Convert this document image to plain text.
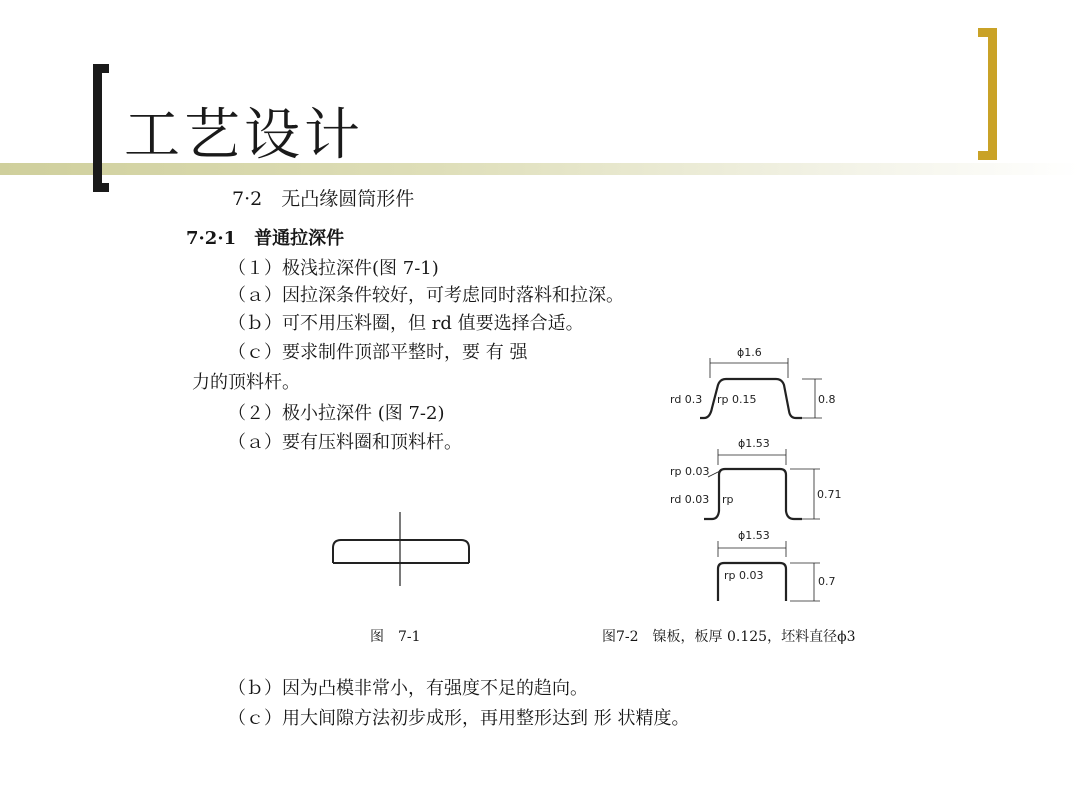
工艺设计
7·2　无凸缘圆筒形件
7·2·1　普通拉深件
（１）极浅拉深件(图 7-1)
（ａ）因拉深条件较好，可考虑同时落料和拉深。
（ｂ）可不用压料圈，但 rd 值要选择合适。
（ｃ）要求制件顶部平整时，要 有 强
力的顶料杆。
（２）极小拉深件 (图 7-2)
（ａ）要有压料圈和顶料杆。
图　7-1
ϕ1.6
0.8
rd 0.3 rp 0.15
ϕ1.53
0.71
rp 0.03
rd 0.03 rp
ϕ1.53
0.7
rp 0.03
图7-2　镍板，板厚 0.125，坯料直径ϕ3
（ｂ）因为凸模非常小，有强度不足的趋向。
（ｃ）用大间隙方法初步成形，再用整形达到 形 状精度。
